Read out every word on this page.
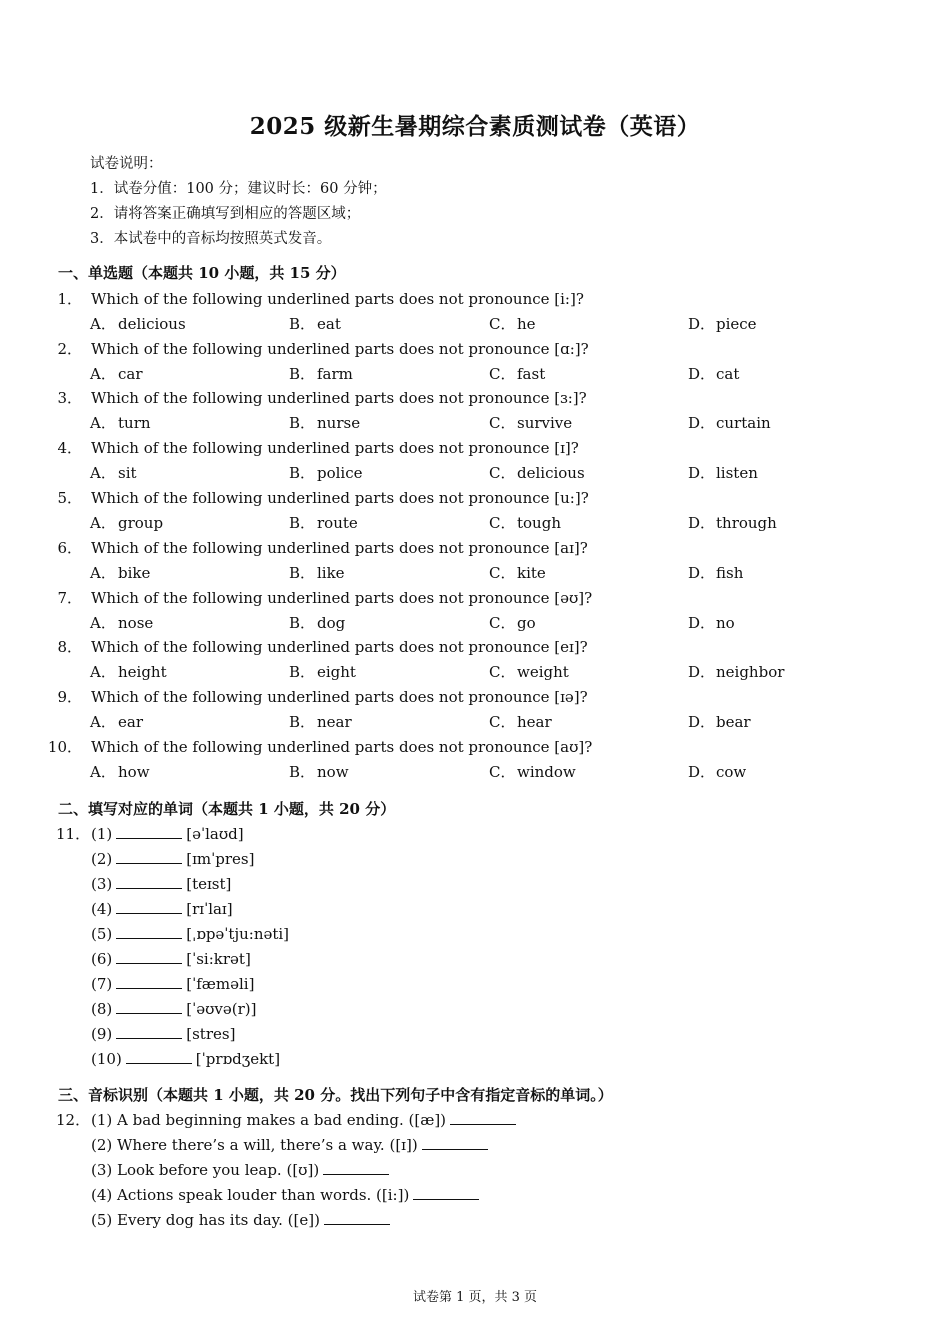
2025 级新生暑期综合素质测试卷（英语）
试卷说明：
1．试卷分值：100 分；建议时长：60 分钟；
2．请将答案正确填写到相应的答题区域；
3．本试卷中的音标均按照英式发音。
一、单选题（本题共 10 小题，共 15 分）
1． Which of the following underlined parts does not pronounce [i:]?
A． delicious	B． eat	C． he	D．piece
2． Which of the following underlined parts does not pronounce [ɑ:]?
A． car	B． farm	C． fast	D．cat
3． Which of the following underlined parts does not pronounce [ɜ:]?
A． turn	B． nurse	C． survive	D．curtain
4． Which of the following underlined parts does not pronounce [ɪ]?
A． sit	B． police	C． delicious	D．listen
5． Which of the following underlined parts does not pronounce [u:]?
A． group	B． route	C． tough	D．through
6． Which of the following underlined parts does not pronounce [aɪ]?
A． bike	B． like	C． kite	D．fish
7． Which of the following underlined parts does not pronounce [əʊ]?
A． nose	B． dog	C． go	D．no
8． Which of the following underlined parts does not pronounce [eɪ]?
A． height	B． eight	C． weight	D．neighbor
9． Which of the following underlined parts does not pronounce [ɪə]?
A． ear	B． near	C． hear	D．bear
10． Which of the following underlined parts does not pronounce [aʊ]?
A． how	B． now	C． window	D．cow
二、填写对应的单词（本题共 1 小题，共 20 分）
11． (1)	[əˈlaʊd]
(2)	[ɪmˈpres]
(3)	[teɪst]
(4)	[rɪˈlaɪ]
(5)	[ˌɒpəˈtju:nəti]
(6)	[ˈsi:krət]
(7)	[ˈfæməli]
(8)	[ˈəʊvə(r)]
(9)	[stres]
(10)	[ˈprɒdʒekt]
三、音标识别（本题共 1 小题，共 20 分。找出下列句子中含有指定音标的单词。）
12． (1) A bad beginning makes a bad ending. ([æ])
(2) Where there’s a will, there’s a way. ([ɪ])
(3) Look before you leap. ([ʊ])
(4) Actions speak louder than words. ([i:])
(5) Every dog has its day. ([e])
试卷第 1 页，共 3 页
